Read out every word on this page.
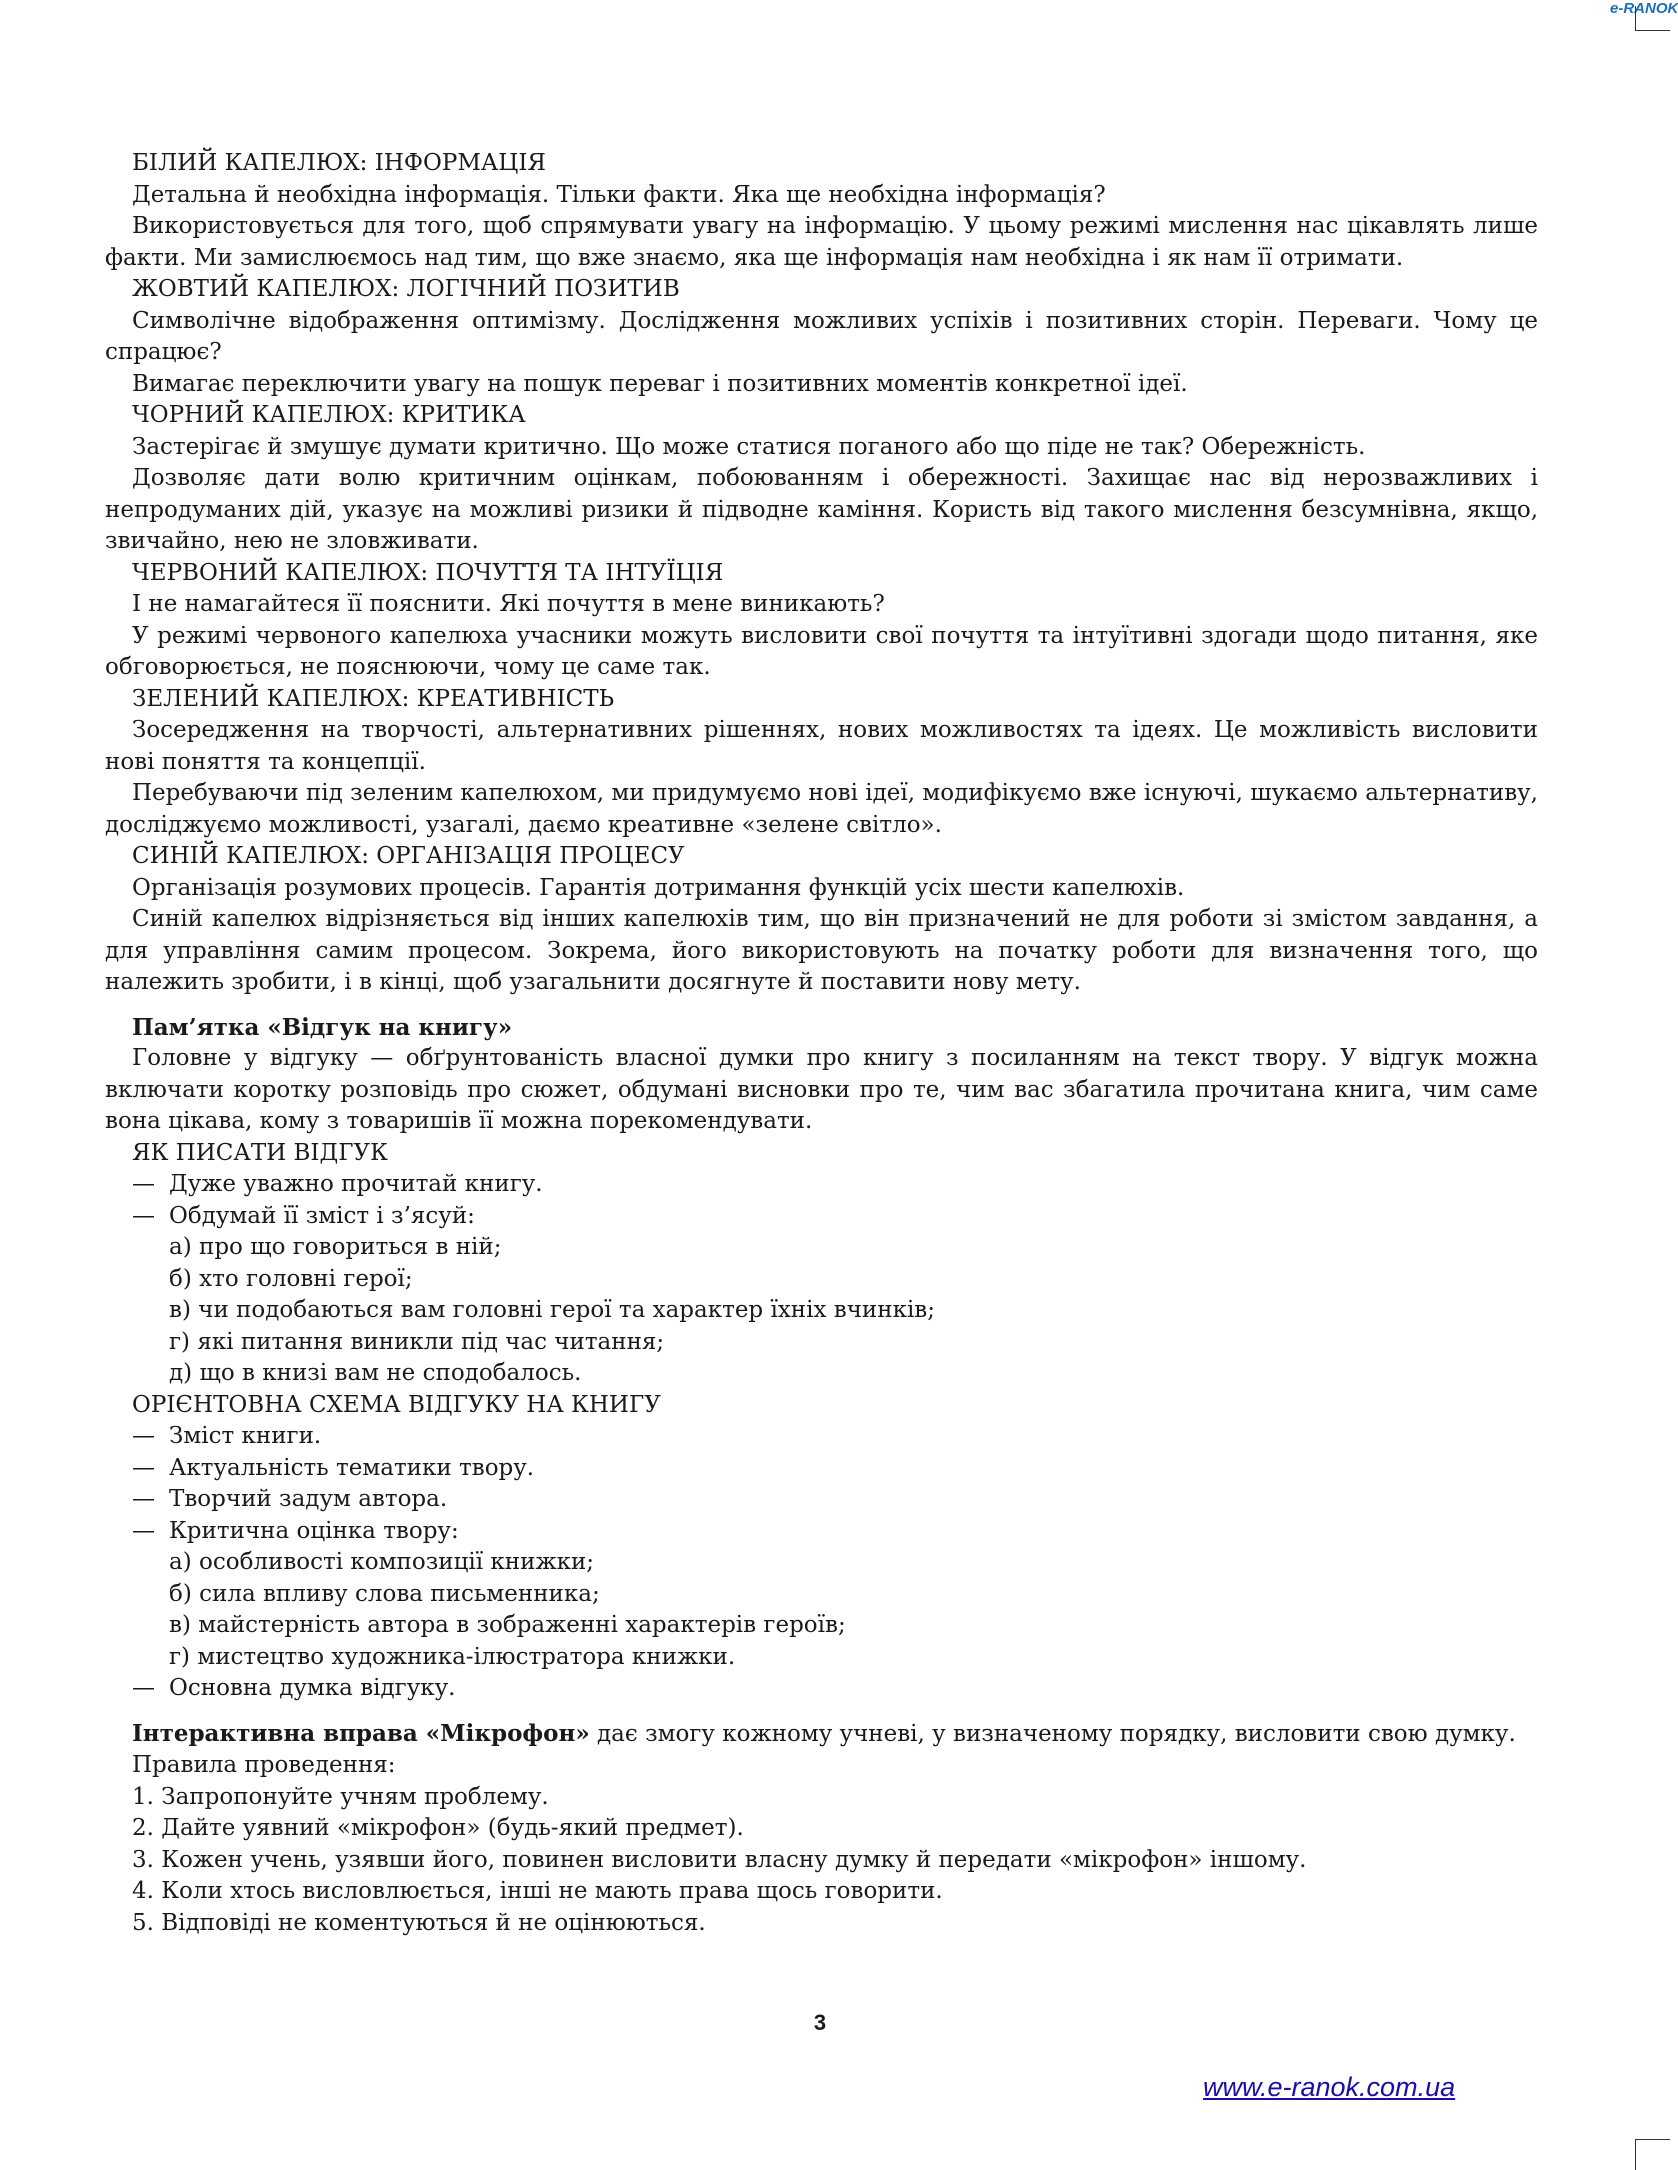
e-RANOK

БІЛИЙ КАПЕЛЮХ: ІНФОРМАЦІЯ

Детальна й необхідна інформація. Тільки факти. Яка ще необхідна інформація?

Використовується для того, щоб спрямувати увагу на інформацію. У цьому режимі мислення нас цікавлять лише факти. Ми замислюємось над тим, що вже знаємо, яка ще інформація нам необхідна і як нам її отримати.

ЖОВТИЙ КАПЕЛЮХ: ЛОГІЧНИЙ ПОЗИТИВ

Символічне відображення оптимізму. Дослідження можливих успіхів і позитивних сторін. Переваги. Чому це спрацює?

Вимагає переключити увагу на пошук переваг і позитивних моментів конкретної ідеї.

ЧОРНИЙ КАПЕЛЮХ: КРИТИКА

Застерігає й змушує думати критично. Що може статися поганого або що піде не так? Обережність.

Дозволяє дати волю критичним оцінкам, побоюванням і обережності. Захищає нас від нерозважливих і непродуманих дій, указує на можливі ризики й підводне каміння. Користь від такого мислення безсумнівна, якщо, звичайно, нею не зловживати.

ЧЕРВОНИЙ КАПЕЛЮХ: ПОЧУТТЯ ТА ІНТУЇЦІЯ

І не намагайтеся її пояснити. Які почуття в мене виникають?

У режимі червоного капелюха учасники можуть висловити свої почуття та інтуїтивні здогади щодо питання, яке обговорюється, не пояснюючи, чому це саме так.

ЗЕЛЕНИЙ КАПЕЛЮХ: КРЕАТИВНІСТЬ

Зосередження на творчості, альтернативних рішеннях, нових можливостях та ідеях. Це можливість висловити нові поняття та концепції.

Перебуваючи під зеленим капелюхом, ми придумуємо нові ідеї, модифікуємо вже існуючі, шукаємо альтернативу, досліджуємо можливості, узагалі, даємо креативне «зелене світло».

СИНІЙ КАПЕЛЮХ: ОРГАНІЗАЦІЯ ПРОЦЕСУ

Організація розумових процесів. Гарантія дотримання функцій усіх шести капелюхів.

Синій капелюх відрізняється від інших капелюхів тим, що він призначений не для роботи зі змістом завдання, а для управління самим процесом. Зокрема, його використовують на початку роботи для визначення того, що належить зробити, і в кінці, щоб узагальнити досягнуте й поставити нову мету.

Пам’ятка «Відгук на книгу»

Головне у відгуку — обґрунтованість власної думки про книгу з посиланням на текст твору. У відгук можна включати коротку розповідь про сюжет, обдумані висновки про те, чим вас збагатила прочитана книга, чим саме вона цікава, кому з товаришів її можна порекомендувати.

ЯК ПИСАТИ ВІДГУК

— Дуже уважно прочитай книгу.
— Обдумай її зміст і з’ясуй:

а) про що говориться в ній;

б) хто головні герої;

в) чи подобаються вам головні герої та характер їхніх вчинків;

г) які питання виникли під час читання;

д) що в книзі вам не сподобалось.

ОРІЄНТОВНА СХЕМА ВІДГУКУ НА КНИГУ

— Зміст книги.
— Актуальність тематики твору.
— Творчий задум автора.
— Критична оцінка твору:

а) особливості композиції книжки;

б) сила впливу слова письменника;

в) майстерність автора в зображенні характерів героїв;

г) мистецтво художника-ілюстратора книжки.

— Основна думка відгуку.

Інтерактивна вправа «Мікрофон» дає змогу кожному учневі, у визначеному порядку, висловити свою думку.

Правила проведення:

1. Запропонуйте учням проблему.

2. Дайте уявний «мікрофон» (будь-який предмет).

3. Кожен учень, узявши його, повинен висловити власну думку й передати «мікрофон» іншому.

4. Коли хтось висловлюється, інші не мають права щось говорити.

5. Відповіді не коментуються й не оцінюються.

3
www.e-ranok.com.ua
